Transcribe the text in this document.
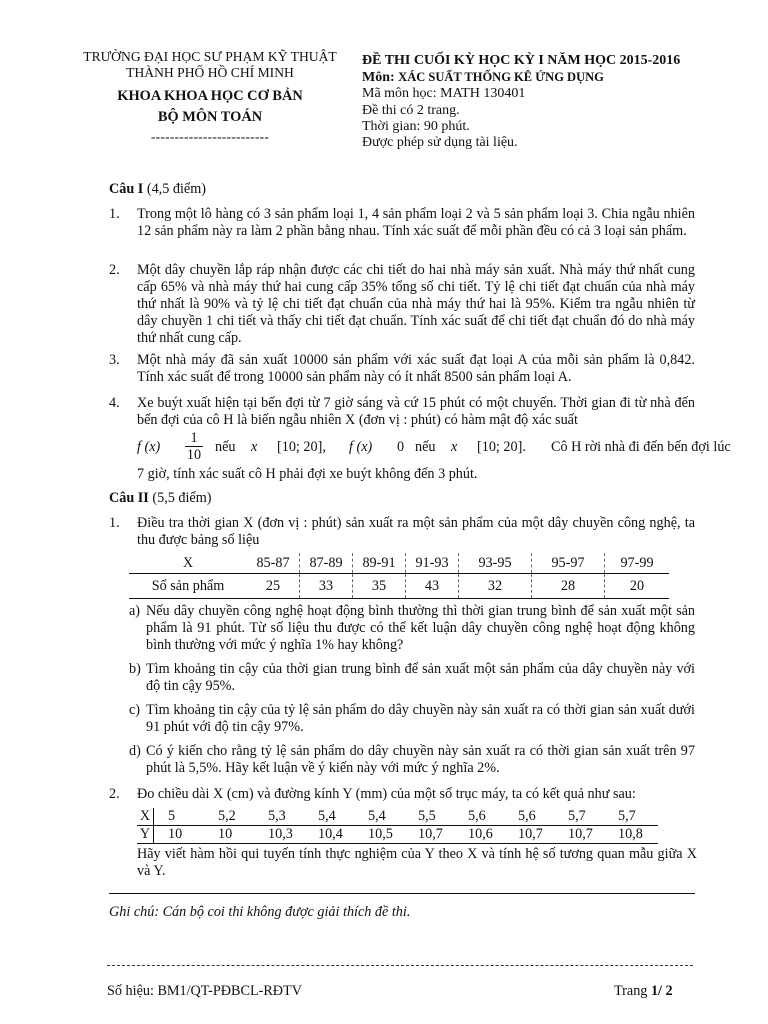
TRƯỜNG ĐẠI HỌC SƯ PHẠM KỸ THUẬT
THÀNH PHỐ HỒ CHÍ MINH
KHOA KHOA HỌC CƠ BẢN
BỘ MÔN TOÁN
-------------------------
ĐỀ THI CUỐI KỲ HỌC KỲ I NĂM HỌC 2015-2016
Môn: XÁC SUẤT THỐNG KÊ ỨNG DỤNG
Mã môn học: MATH 130401
Đề thi có 2 trang.
Thời gian: 90 phút.
Được phép sử dụng tài liệu.
Câu I (4,5 điểm)
1. Trong một lô hàng có 3 sản phẩm loại 1, 4 sản phẩm loại 2 và 5 sản phẩm loại 3. Chia ngẫu nhiên 12 sản phẩm này ra làm 2 phần bằng nhau. Tính xác suất để mỗi phần đều có cả 3 loại sản phẩm.
2. Một dây chuyền lắp ráp nhận được các chi tiết do hai nhà máy sản xuất. Nhà máy thứ nhất cung cấp 65% và nhà máy thứ hai cung cấp 35% tổng số chi tiết. Tỷ lệ chi tiết đạt chuẩn của nhà máy thứ nhất là 90% và tỷ lệ chi tiết đạt chuẩn của nhà máy thứ hai là 95%. Kiểm tra ngẫu nhiên từ dây chuyền 1 chi tiết và thấy chi tiết đạt chuẩn. Tính xác suất để chi tiết đạt chuẩn đó do nhà máy thứ nhất cung cấp.
3. Một nhà máy đã sản xuất 10000 sản phẩm với xác suất đạt loại A của mỗi sản phẩm là 0,842. Tính xác suất để trong 10000 sản phẩm này có ít nhất 8500 sản phẩm loại A.
4. Xe buýt xuất hiện tại bến đợi từ 7 giờ sáng và cứ 15 phút có một chuyến. Thời gian đi từ nhà đến bến đợi của cô H là biến ngẫu nhiên X (đơn vị : phút) có hàm mật độ xác suất
f $(x) \frac{1}{10}$ nếu x [10; 20], f (x) 0 nếu x [10; 20]. Cô H rời nhà đi đến bến đợi lúc
7 giờ, tính xác suất cô H phải đợi xe buýt không đến 3 phút.
Câu II (5,5 điểm)
1. Điều tra thời gian X (đơn vị : phút) sản xuất ra một sản phẩm của một dây chuyền công nghệ, ta thu được bảng số liệu
X	85-87	87-89	89-91	91-93	93-95	95-97	97-99
Số sản phẩm	25	33	35	43	32	28	20
a) Nếu dây chuyền công nghệ hoạt động bình thường thì thời gian trung bình để sản xuất một sản phẩm là 91 phút. Từ số liệu thu được có thể kết luận dây chuyền công nghệ hoạt động không bình thường với mức ý nghĩa 1% hay không?
b) Tìm khoảng tin cậy của thời gian trung bình để sản xuất một sản phẩm của dây chuyền này với độ tin cậy 95%.
c) Tìm khoảng tin cậy của tỷ lệ sản phẩm do dây chuyền này sản xuất ra có thời gian sản xuất dưới 91 phút với độ tin cậy 97%.
d) Có ý kiến cho rằng tỷ lệ sản phẩm do dây chuyền này sản xuất ra có thời gian sản xuất trên 97 phút là 5,5%. Hãy kết luận về ý kiến này với mức ý nghĩa 2%.
2. Đo chiều dài X (cm) và đường kính Y (mm) của một số trục máy, ta có kết quả như sau:
X	5	5,2	5,3	5,4	5,4	5,5	5,6	5,6	5,7	5,7
Y	10	10	10,3	10,4	10,5	10,7	10,6	10,7	10,7	10,8
Hãy viết hàm hồi qui tuyến tính thực nghiệm của Y theo X và tính hệ số tương quan mẫu giữa X và Y.
Ghi chú: Cán bộ coi thi không được giải thích đề thi.
Số hiệu: BM1/QT-PĐBCL-RĐTV	Trang 1/ 2
